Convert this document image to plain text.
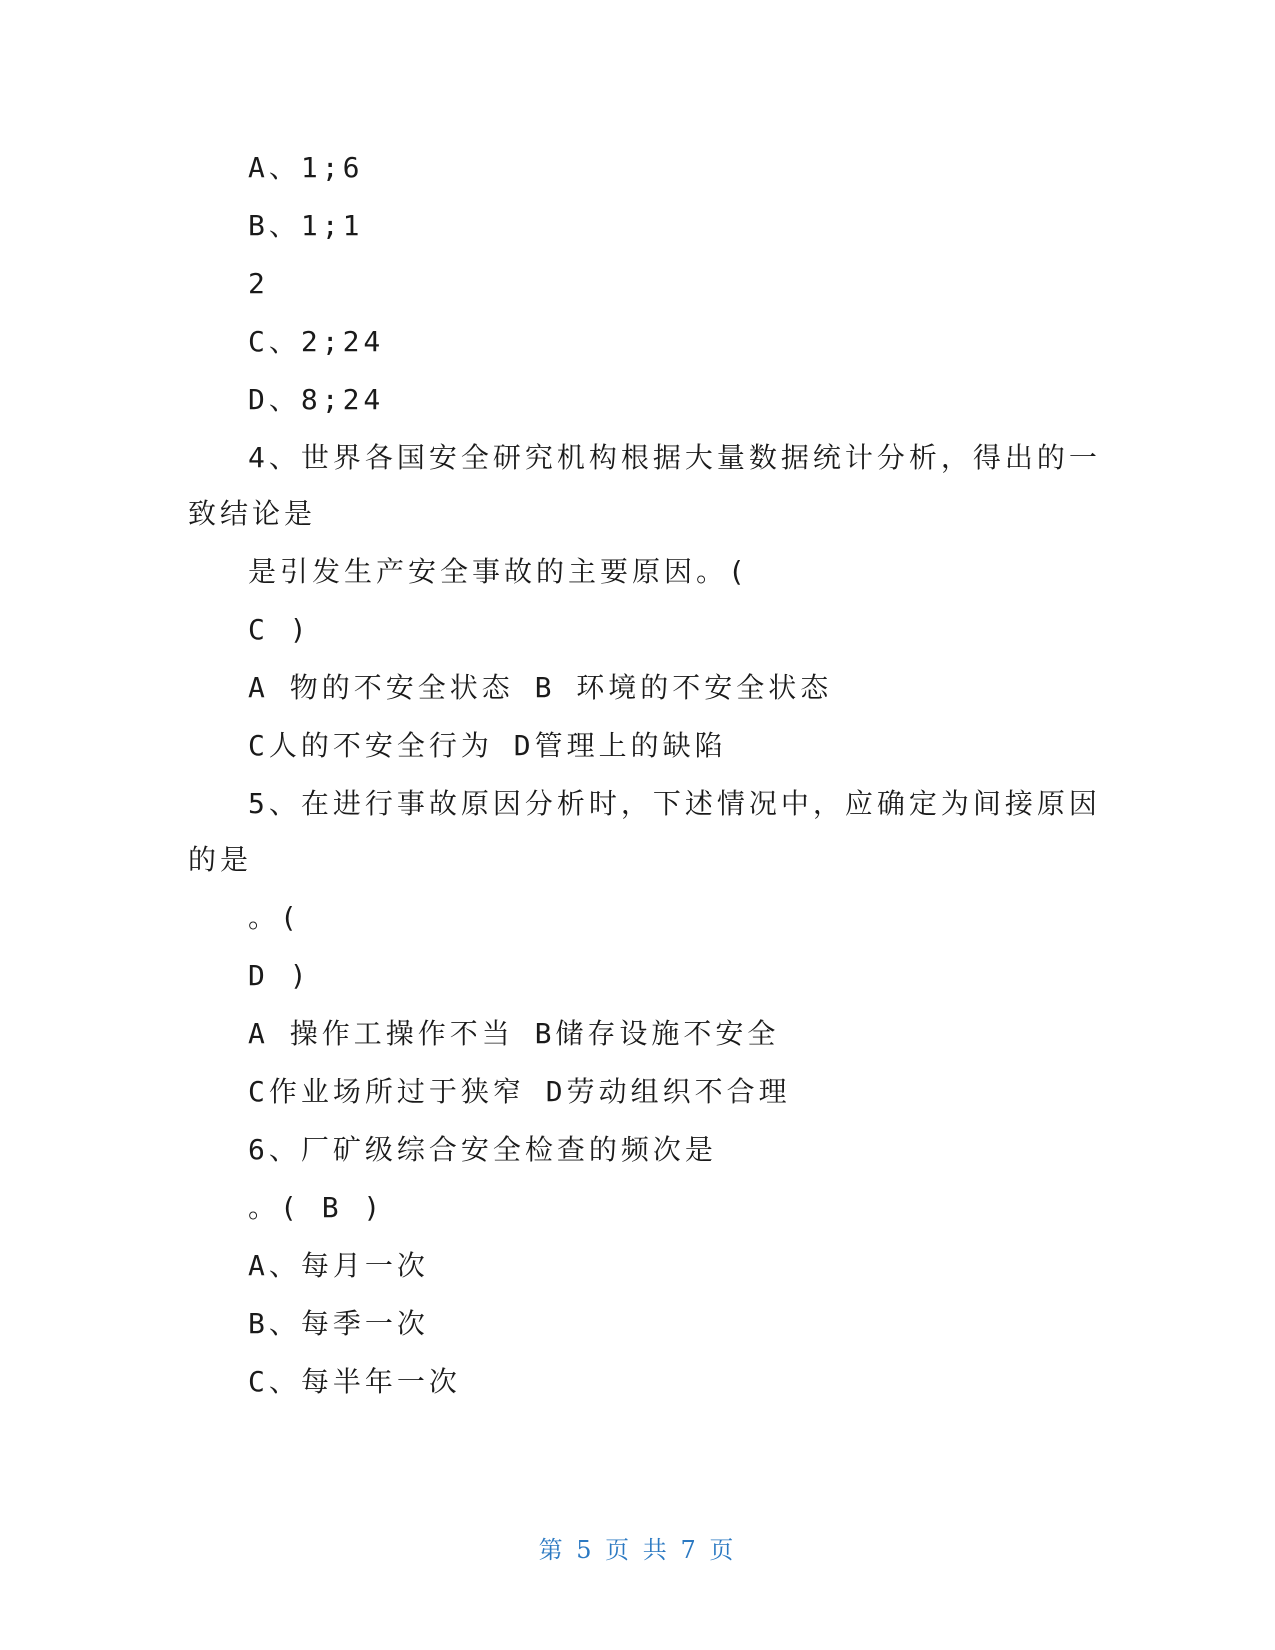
A、1;6
B、1;1
2
C、2;24
D、8;24
4、世界各国安全研究机构根据大量数据统计分析，得出的一
致结论是
是引发生产安全事故的主要原因。(
C )
A 物的不安全状态 B 环境的不安全状态
C人的不安全行为 D管理上的缺陷
5、在进行事故原因分析时，下述情况中，应确定为间接原因
的是
。(
D )
A 操作工操作不当 B储存设施不安全
C作业场所过于狭窄 D劳动组织不合理
6、厂矿级综合安全检查的频次是
。( B )
A、每月一次
B、每季一次
C、每半年一次
第 5 页 共 7 页
